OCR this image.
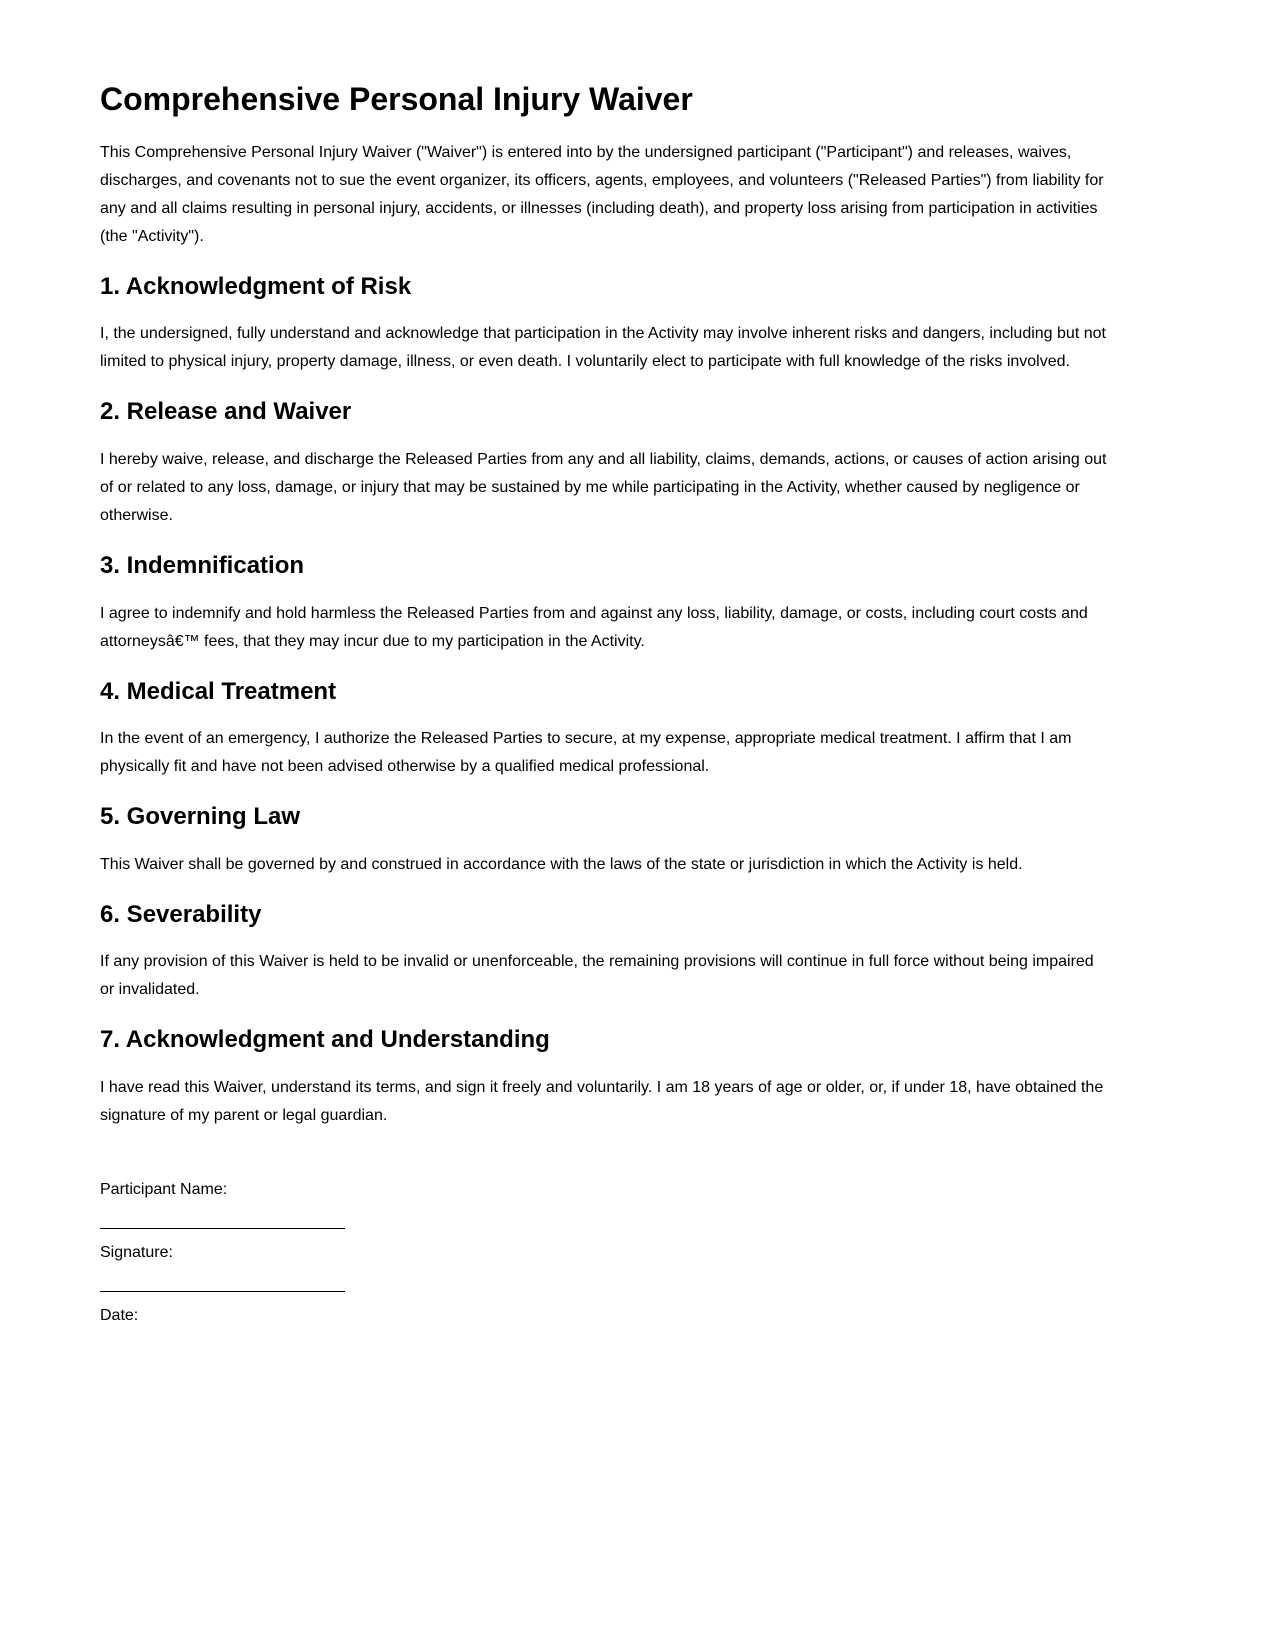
Comprehensive Personal Injury Waiver

This Comprehensive Personal Injury Waiver ("Waiver") is entered into by the undersigned participant ("Participant") and releases, waives, discharges, and covenants not to sue the event organizer, its officers, agents, employees, and volunteers ("Released Parties") from liability for any and all claims resulting in personal injury, accidents, or illnesses (including death), and property loss arising from participation in activities (the "Activity").

1. Acknowledgment of Risk

I, the undersigned, fully understand and acknowledge that participation in the Activity may involve inherent risks and dangers, including but not limited to physical injury, property damage, illness, or even death. I voluntarily elect to participate with full knowledge of the risks involved.

2. Release and Waiver

I hereby waive, release, and discharge the Released Parties from any and all liability, claims, demands, actions, or causes of action arising out of or related to any loss, damage, or injury that may be sustained by me while participating in the Activity, whether caused by negligence or otherwise.

3. Indemnification

I agree to indemnify and hold harmless the Released Parties from and against any loss, liability, damage, or costs, including court costs and attorneysâ€™ fees, that they may incur due to my participation in the Activity.

4. Medical Treatment

In the event of an emergency, I authorize the Released Parties to secure, at my expense, appropriate medical treatment. I affirm that I am physically fit and have not been advised otherwise by a qualified medical professional.

5. Governing Law

This Waiver shall be governed by and construed in accordance with the laws of the state or jurisdiction in which the Activity is held.

6. Severability

If any provision of this Waiver is held to be invalid or unenforceable, the remaining provisions will continue in full force without being impaired or invalidated.

7. Acknowledgment and Understanding

I have read this Waiver, understand its terms, and sign it freely and voluntarily. I am 18 years of age or older, or, if under 18, have obtained the signature of my parent or legal guardian.

Participant Name:

Signature:

Date:
